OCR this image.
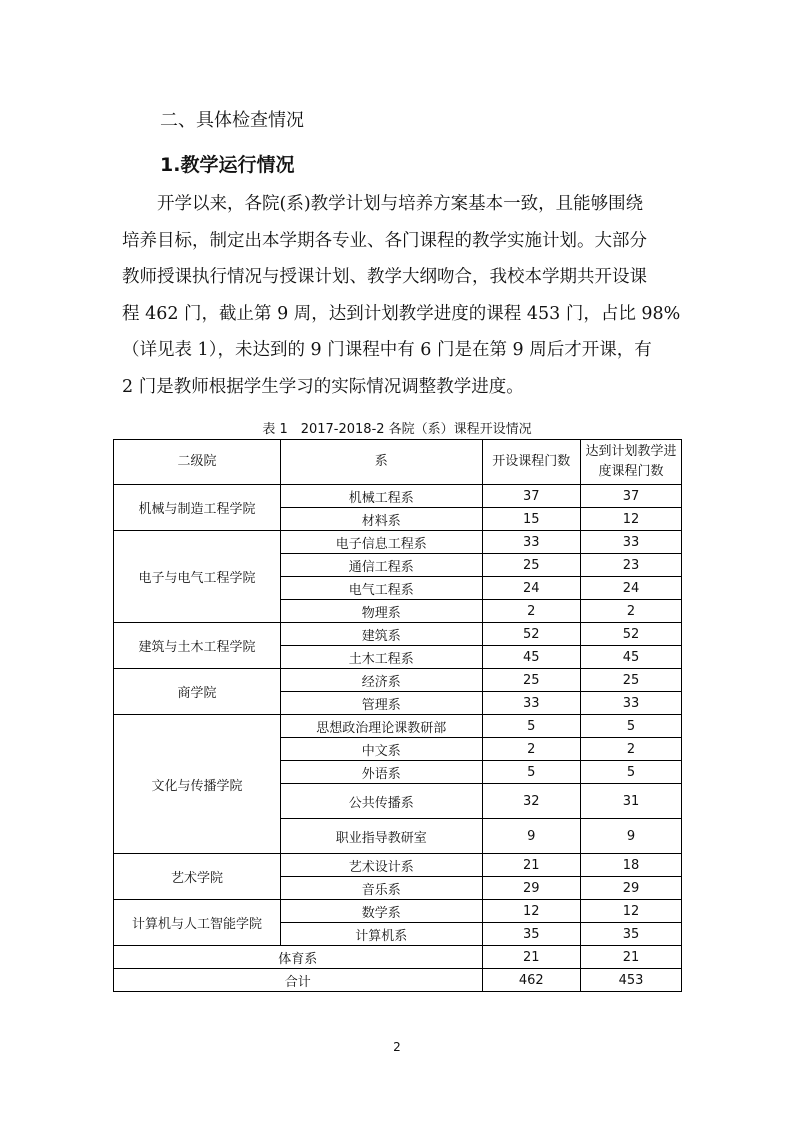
二、具体检查情况
1.教学运行情况
　　开学以来，各院(系)教学计划与培养方案基本一致，且能够围绕
培养目标，制定出本学期各专业、各门课程的教学实施计划。大部分
教师授课执行情况与授课计划、教学大纲吻合，我校本学期共开设课
程 462 门，截止第 9 周，达到计划教学进度的课程 453 门，占比 98%
（详见表 1），未达到的 9 门课程中有 6 门是在第 9 周后才开课，有
2 门是教师根据学生学习的实际情况调整教学进度。
表 1　2017-2018-2 各院（系）课程开设情况
二级院	系	开设课程门数	达到计划教学进度课程门数
机械与制造工程学院	机械工程系	37	37
	材料系	15	12
电子与电气工程学院	电子信息工程系	33	33
	通信工程系	25	23
	电气工程系	24	24
	物理系	2	2
建筑与土木工程学院	建筑系	52	52
	土木工程系	45	45
商学院	经济系	25	25
	管理系	33	33
文化与传播学院	思想政治理论课教研部	5	5
	中文系	2	2
	外语系	5	5
	公共传播系	32	31
	职业指导教研室	9	9
艺术学院	艺术设计系	21	18
	音乐系	29	29
计算机与人工智能学院	数学系	12	12
	计算机系	35	35
体育系		21	21
合计		462	453
2
